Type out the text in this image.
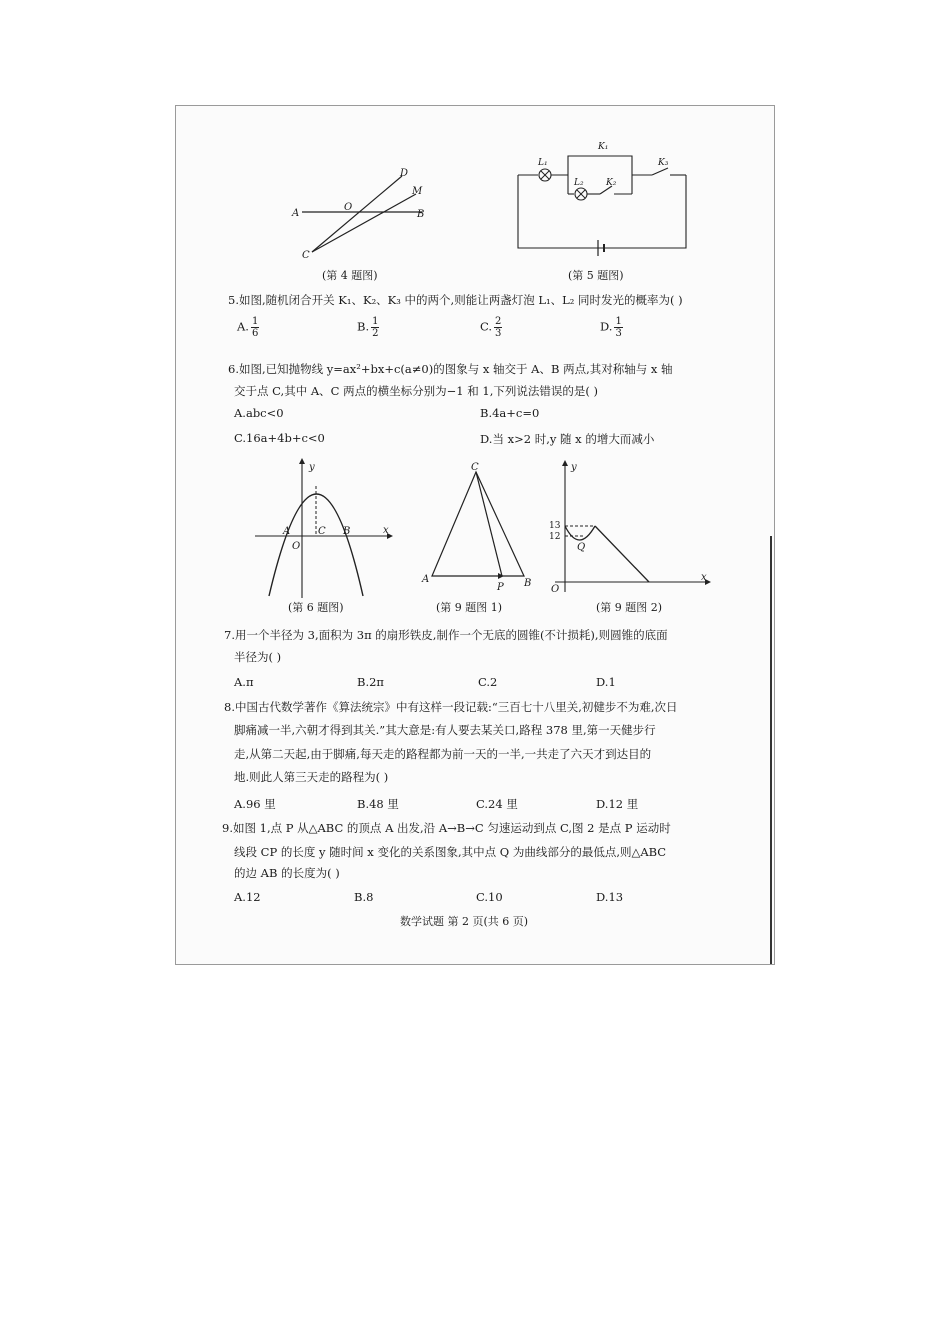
A	B
C
D
M
O
(第 4 题图)
L₁
L₂
K₁
K₂
K₃
(第 5 题图)
5.如图,随机闭合开关 K₁、K₂、K₃ 中的两个,则能让两盏灯泡 L₁、L₂ 同时发光的概率为( )
A. $\frac{1}{6}$	B. $\frac{1}{2}$	C. $\frac{2}{3}$	D. $\frac{1}{3}$
6.如图,已知抛物线 y=ax²+bx+c(a≠0)的图象与 x 轴交于 A、B 两点,其对称轴与 x 轴
交于点 C,其中 A、C 两点的横坐标分别为−1 和 1,下列说法错误的是( )
A.abc<0	B.4a+c=0
C.16a+4b+c<0	D.当 x>2 时,y 随 x 的增大而减小
y
x
A
O
C B
(第 6 题图)
C
A
P B
(第 9 题图 1)
y
x
O
Q
13
12
(第 9 题图 2)
7.用一个半径为 3,面积为 3π 的扇形铁皮,制作一个无底的圆锥(不计损耗),则圆锥的底面
半径为( )
A.π	B.2π	C.2	D.1
8.中国古代数学著作《算法统宗》中有这样一段记载:“三百七十八里关,初健步不为难,次日
脚痛减一半,六朝才得到其关.”其大意是:有人要去某关口,路程 378 里,第一天健步行
走,从第二天起,由于脚痛,每天走的路程都为前一天的一半,一共走了六天才到达目的
地.则此人第三天走的路程为( )
A.96 里	B.48 里	C.24 里	D.12 里
9.如图 1,点 P 从△ABC 的顶点 A 出发,沿 A→B→C 匀速运动到点 C,图 2 是点 P 运动时
线段 CP 的长度 y 随时间 x 变化的关系图象,其中点 Q 为曲线部分的最低点,则△ABC
的边 AB 的长度为( )
A.12	B.8	C.10	D.13
数学试题 第 2 页(共 6 页)
